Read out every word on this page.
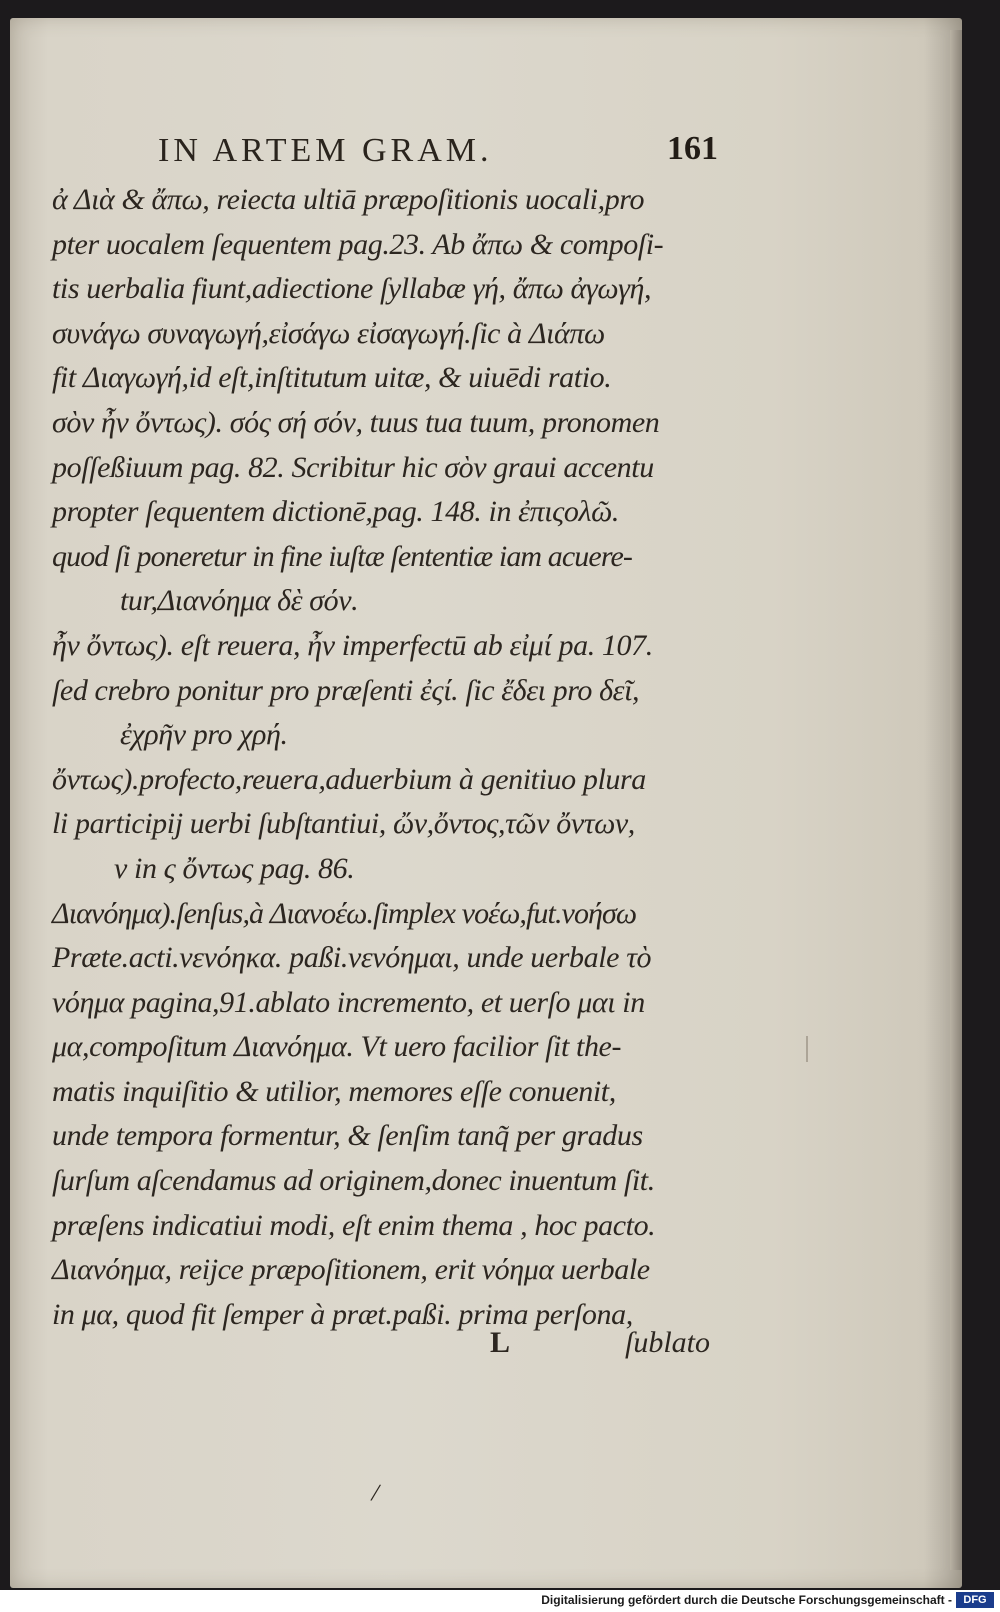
IN ARTEM GRAM.	161
ἀ Διὰ & ἄπω, reiecta ultiā præpoſitionis uocali,pro
pter uocalem ſequentem pag.23. Ab ἄπω & compoſi-
tis uerbalia fiunt,adiectione ſyllabæ γή, ἄπω ἀγωγή,
συνάγω συναγωγή,εἰσάγω εἰσαγωγή.ſic à Διάπω
fit Διαγωγή,id eſt,inſtitutum uitæ, & uiuēdi ratio.
σὸν ἦν ὄντως). σός σή σόν, tuus tua tuum, pronomen
poſſeßiuum pag. 82. Scribitur hic σὸν graui accentu
propter ſequentem dictionē,pag. 148. in ἐπιςολῶ.
quod ſi poneretur in fine iuſtæ ſententiæ iam acuere-
tur,Διανόημα δὲ σόν.
ἦν ὄντως). eſt reuera, ἦν imperfectū ab εἰμί pa. 107.
ſed crebro ponitur pro præſenti ἐςί. ſic ἔδει pro δεῖ,
ἐχρῆν pro χρή.
ὄντως).profecto,reuera,aduerbium à genitiuo plura
li participij uerbi ſubſtantiui, ὤν,ὄντος,τῶν ὄντων,
v in ς ὄντως pag. 86.
Διανόημα).ſenſus,à Διανοέω.ſimplex νοέω,fut.νοήσω
Præte.acti.νενόηκα. paßi.νενόημαι, unde uerbale τὸ
νόημα pagina,91.ablato incremento, et uerſo μαι in
μα,compoſitum Διανόημα. Vt uero facilior ſit the-
matis inquiſitio & utilior, memores eſſe conuenit,
unde tempora formentur, & ſenſim tanq̃ per gradus
ſurſum aſcendamus ad originem,donec inuentum ſit.
præſens indicatiui modi, eſt enim thema , hoc pacto.
Διανόημα, reijce præpoſitionem, erit νόημα uerbale
in μα, quod fit ſemper à præt.paßi. prima perſona,
L	ſublato
/
Digitalisierung gefördert durch die Deutsche Forschungsgemeinschaft -	DFG
